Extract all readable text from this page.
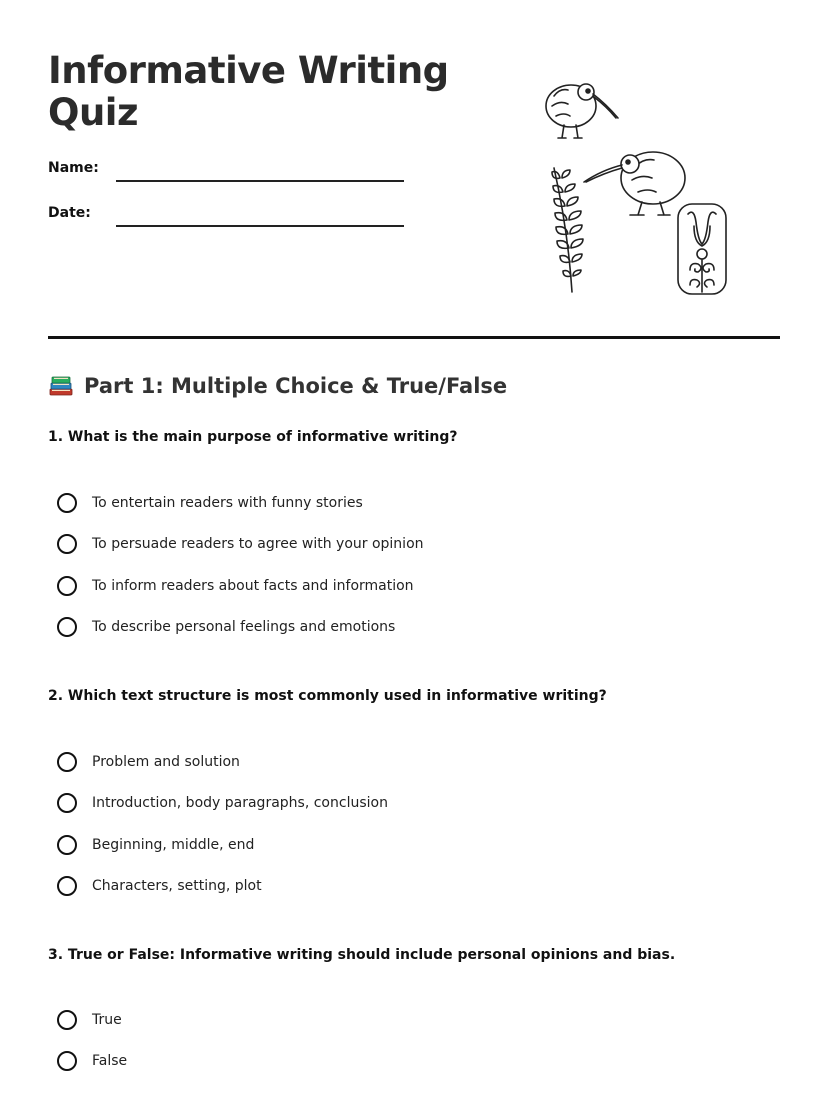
Informative Writing
Quiz
Name:
Date:
Part 1: Multiple Choice & True/False

1. What is the main purpose of informative writing?

To entertain readers with funny stories
To persuade readers to agree with your opinion
To inform readers about facts and information
To describe personal feelings and emotions

2. Which text structure is most commonly used in informative writing?

Problem and solution
Introduction, body paragraphs, conclusion
Beginning, middle, end
Characters, setting, plot

3. True or False: Informative writing should include personal opinions and bias.

True
False
